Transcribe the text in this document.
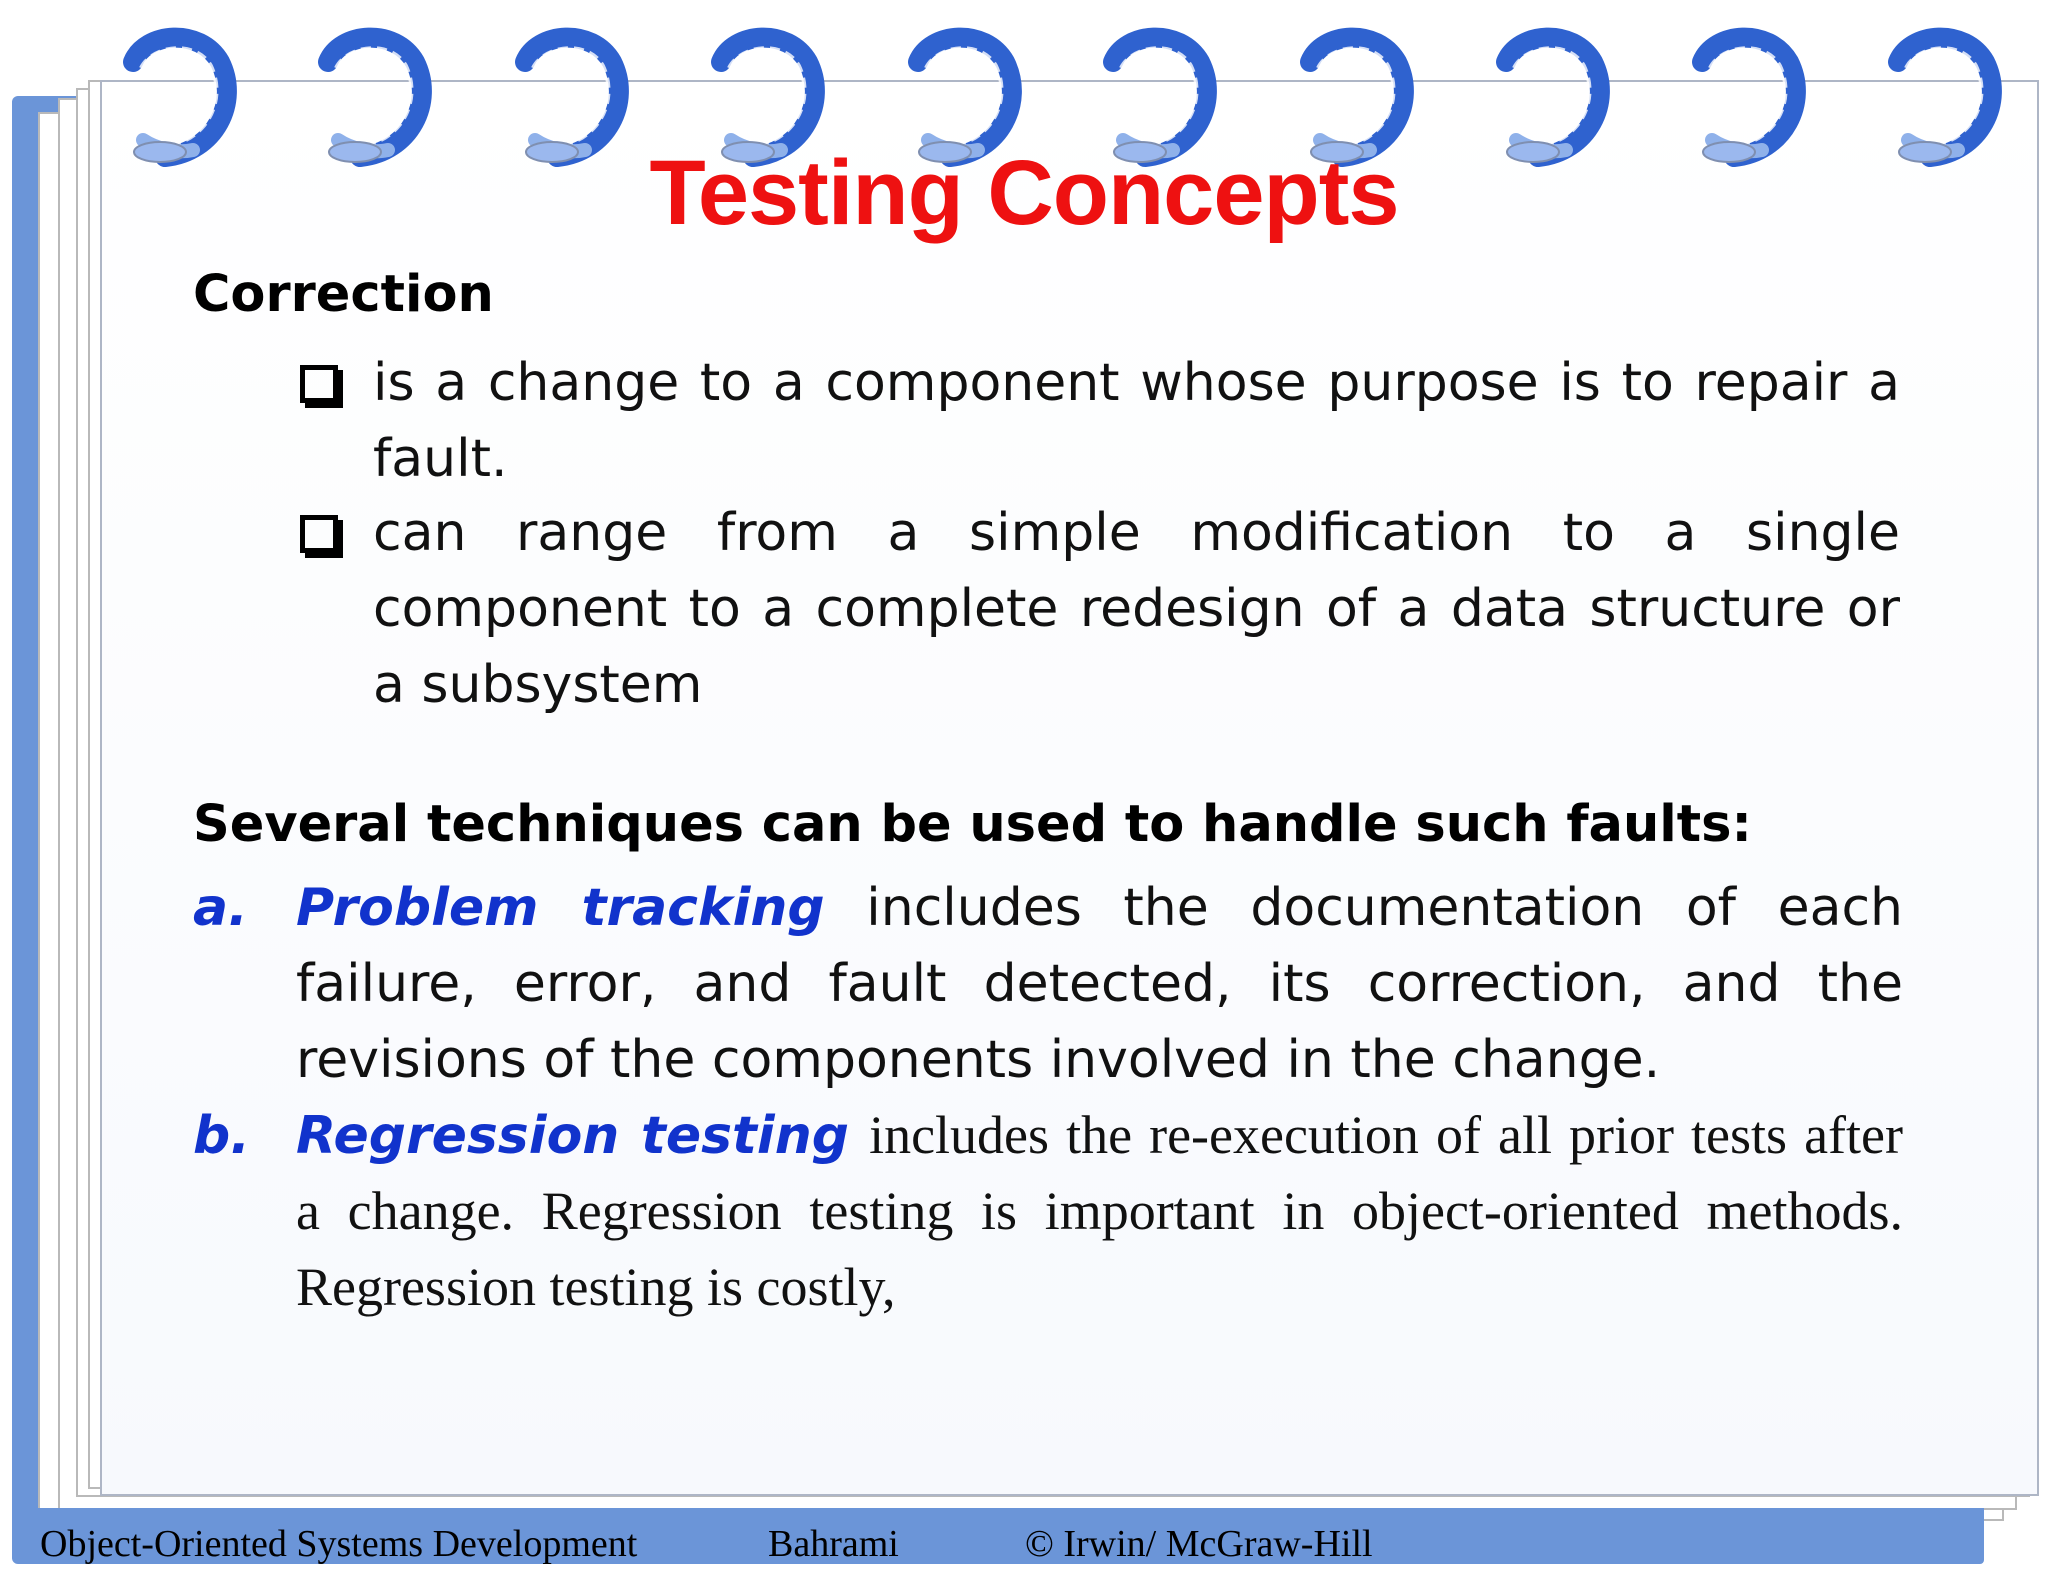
Testing Concepts

Correction

is a change to a component whose purpose is to repair a fault.
can range from a simple modification to a single component to a complete redesign of a data structure or a subsystem

Several techniques can be used to handle such faults:

a. Problem tracking includes the documentation of each failure, error, and fault detected, its correction, and the revisions of the components involved in the change.
b. Regression testing includes the re-execution of all prior tests after a change. Regression testing is important in object-oriented methods. Regression testing is costly,
Object-Oriented Systems Development	Bahrami	© Irwin/ McGraw-Hill
